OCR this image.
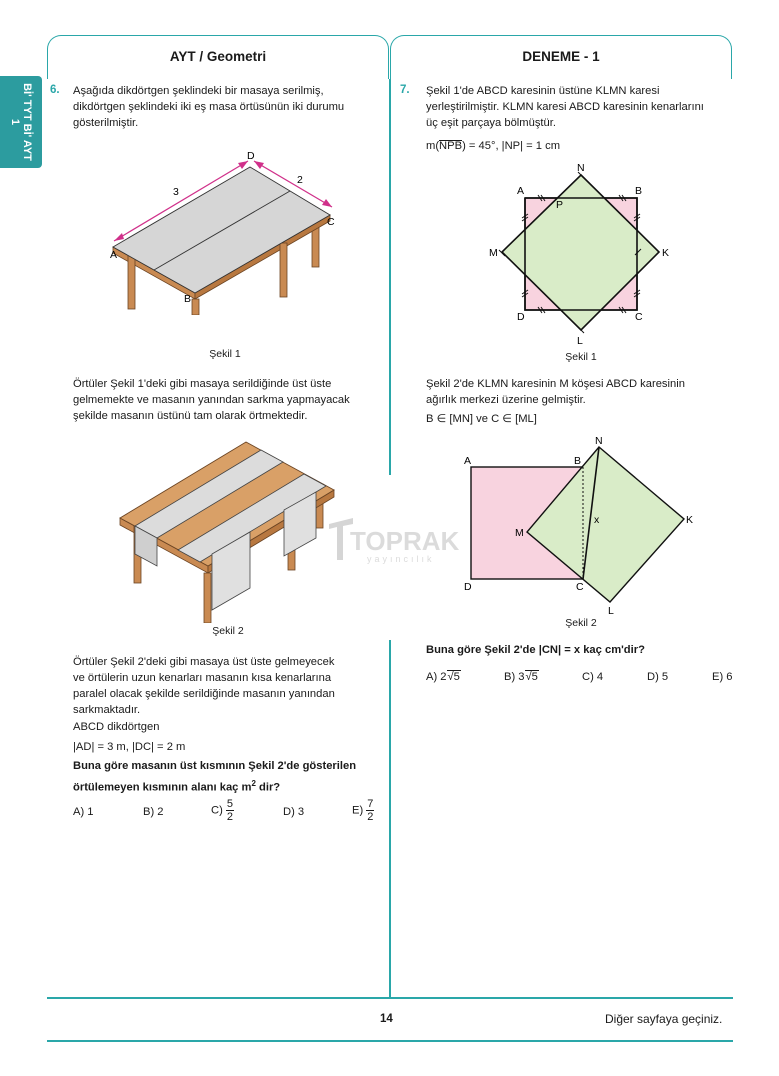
AYT / Geometri	DENEME - 1
Bİ' TYT Bİ' AYT
1
6. Aşağıda dikdörtgen şeklindeki bir masaya serilmiş,
dikdörtgen şeklindeki iki eş masa örtüsünün iki durumu
gösterilmiştir.
3
2
D
C
A
B
Şekil 1
Örtüler Şekil 1'deki gibi masaya serildiğinde üst üste
gelmemekte ve masanın yanından sarkma yapmayacak
şekilde masanın üstünü tam olarak örtmektedir.
Şekil 2
Örtüler Şekil 2'deki gibi masaya üst üste gelmeyecek
ve örtülerin uzun kenarları masanın kısa kenarlarına
paralel olacak şekilde serildiğinde masanın yanından
sarkmaktadır.
ABCD dikdörtgen
|AD| = 3 m, |DC| = 2 m
Buna göre masanın üst kısmının Şekil 2'de gösterilen
örtülemeyen kısmının alanı kaç $m^2$ dir?
A) 1	B) 2	$C) \frac{5}{2}$	D) 3	$E) \frac{7}{2}$
7. Şekil 1'de ABCD karesinin üstüne KLMN karesi
yerleştirilmiştir. KLMN karesi ABCD karesinin kenarlarını
üç eşit parçaya bölmüştür.
m(NPB) = 45°, |NP| = 1 cm
N
A	B
P
M	K
D	C
L
Şekil 1
Şekil 2'de KLMN karesinin M köşesi ABCD karesinin
ağırlık merkezi üzerine gelmiştir.
B ∈ [MN] ve C ∈ [ML]
N
A	B
M
x	K
D	C
L
Şekil 2
Buna göre Şekil 2'de |CN| = x kaç cm'dir?
A) 2√5	B) 3√5	C) 4	D) 5	E) 6
TOPRAK
yayıncılık
14	Diğer sayfaya geçiniz.
